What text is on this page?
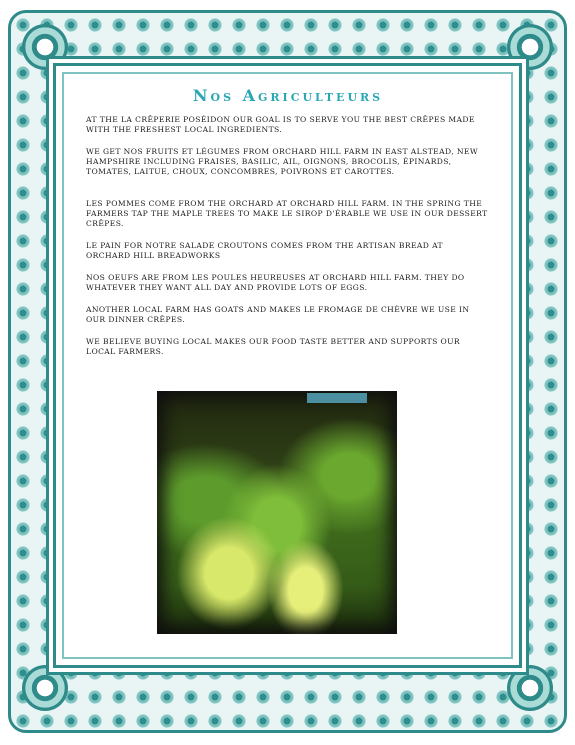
Nos Agriculteurs

AT THE LA CRÊPERIE POSÉIDON OUR GOAL IS TO SERVE YOU THE BEST CRÊPES MADE WITH THE FRESHEST LOCAL INGREDIENTS.

WE GET NOS FRUITS ET LÉGUMES FROM ORCHARD HILL FARM IN EAST ALSTEAD, NEW HAMPSHIRE INCLUDING FRAISES, BASILIC, AIL, OIGNONS, BROCOLIS, ÉPINARDS, TOMATES, LAITUE, CHOUX, CONCOMBRES, POIVRONS ET CAROTTES.

LES POMMES COME FROM THE ORCHARD AT ORCHARD HILL FARM. IN THE SPRING THE FARMERS TAP THE MAPLE TREES TO MAKE LE SIROP D'ÉRABLE WE USE IN OUR DESSERT CRÊPES.

LE PAIN FOR NOTRE SALADE CROUTONS COMES FROM THE ARTISAN BREAD AT ORCHARD HILL BREADWORKS

NOS OEUFS ARE FROM LES POULES HEUREUSES AT ORCHARD HILL FARM. THEY DO WHATEVER THEY WANT ALL DAY AND PROVIDE LOTS OF EGGS.

ANOTHER LOCAL FARM HAS GOATS AND MAKES LE FROMAGE DE CHÈVRE WE USE IN OUR DINNER CRÊPES.

WE BELIEVE BUYING LOCAL MAKES OUR FOOD TASTE BETTER AND SUPPORTS OUR LOCAL FARMERS.
